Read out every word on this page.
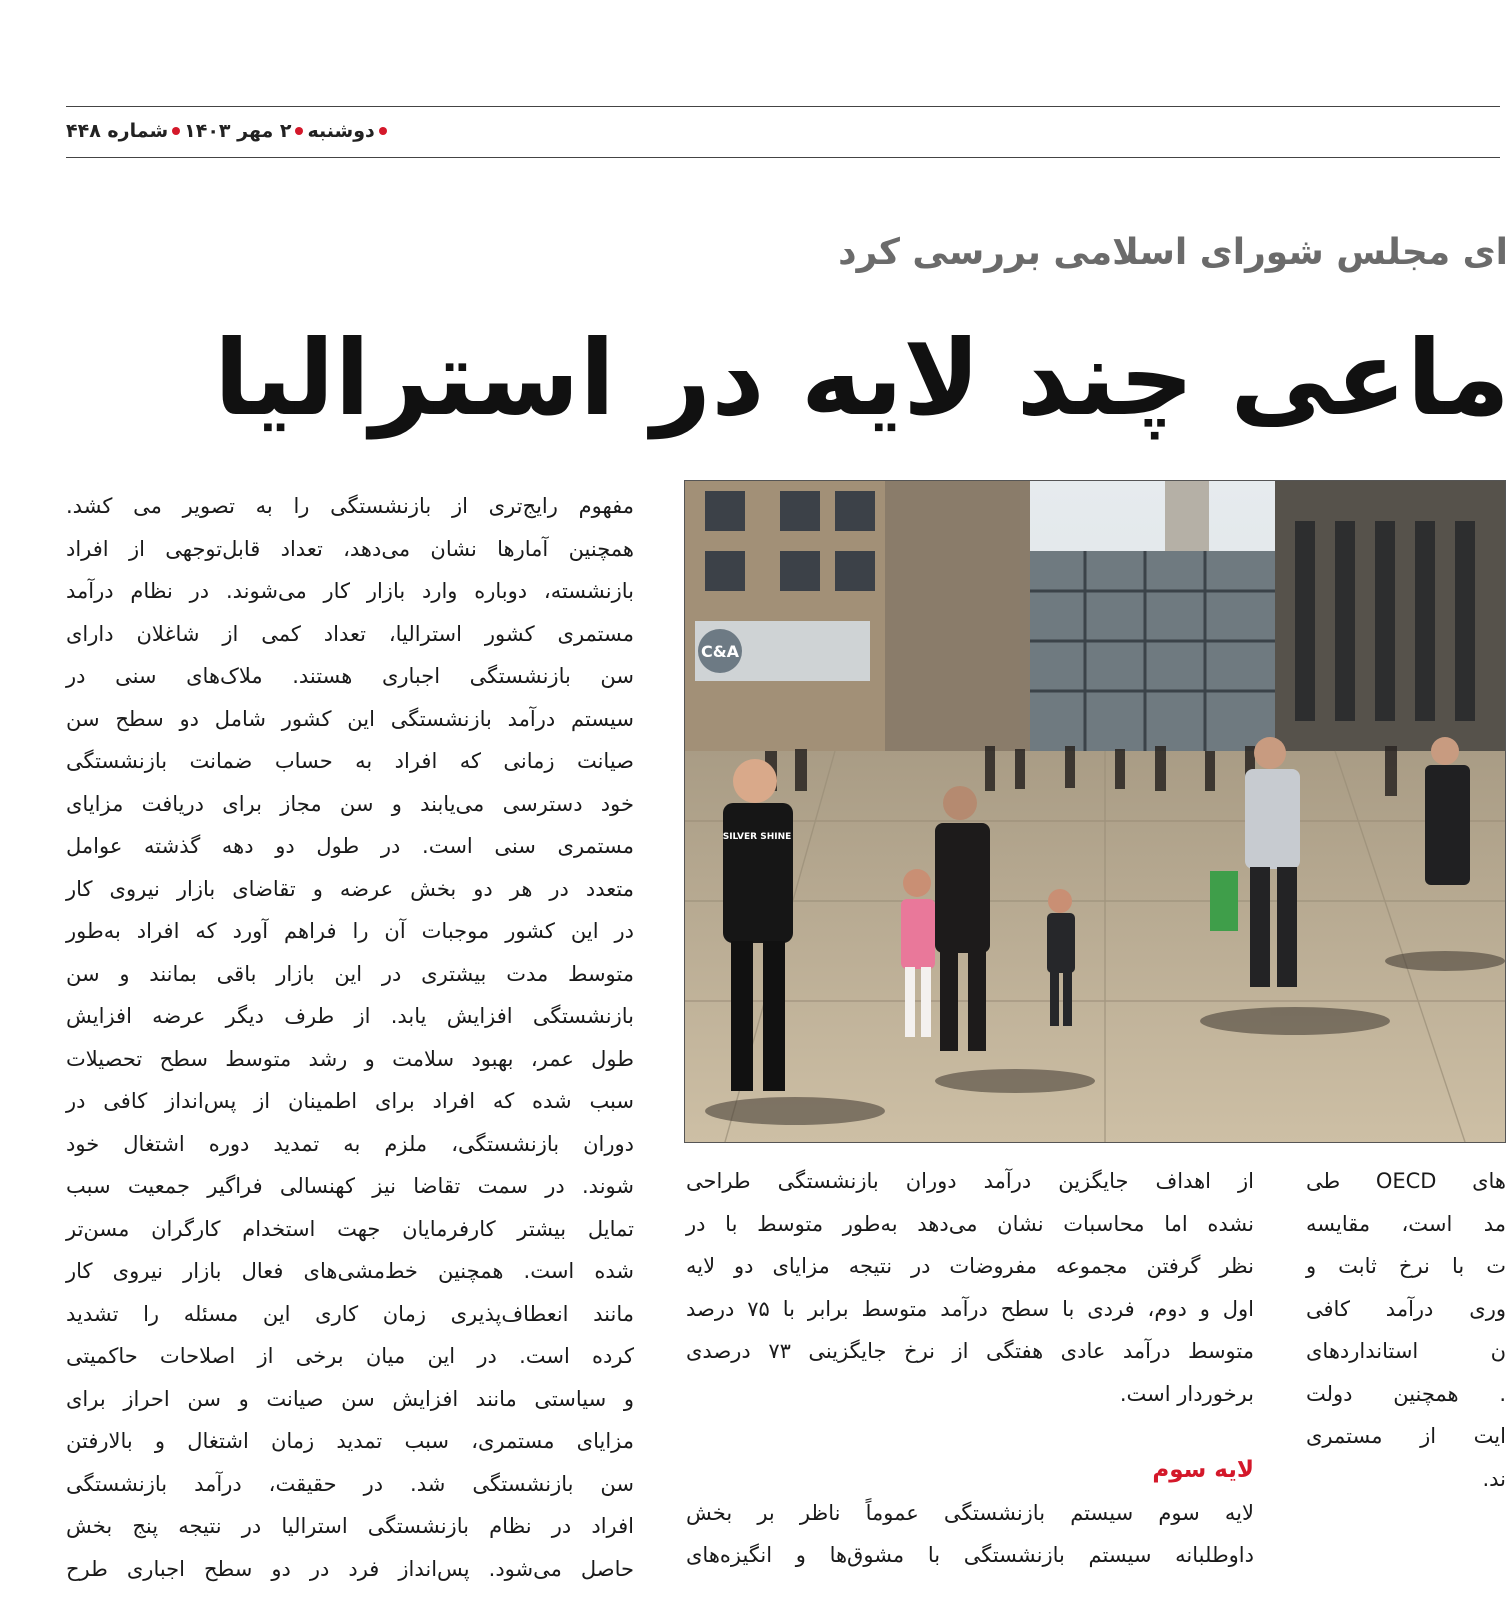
دوشنبه
۲ مهر ۱۴۰۳
شماره ۴۴۸
ای مجلس شورای اسلامی بررسی کرد
ماعی چند لایه در استرالیا
مفهوم رایج‌تری از بازنشستگی را به تصویر می کشد.
همچنین آمارها نشان می‌دهد، تعداد قابل‌توجهی از افراد
بازنشسته، دوباره وارد بازار کار می‌شوند. در نظام درآمد
مستمری کشور استرالیا، تعداد کمی از شاغلان دارای
سن بازنشستگی اجباری هستند. ملاک‌های سنی در
سیستم درآمد بازنشستگی این کشور شامل دو سطح سن
صیانت زمانی که افراد به حساب ضمانت بازنشستگی
خود دسترسی می‌یابند و سن مجاز برای دریافت مزایای
مستمری سنی است. در طول دو دهه گذشته عوامل
متعدد در هر دو بخش عرضه و تقاضای بازار نیروی کار
در این کشور موجبات آن را فراهم آورد که افراد به‌طور
متوسط مدت بیشتری در این بازار باقی بمانند و سن
بازنشستگی افزایش یابد. از طرف دیگر عرضه افزایش
طول عمر، بهبود سلامت و رشد متوسط سطح تحصیلات
سبب شده که افراد برای اطمینان از پس‌انداز کافی در
دوران بازنشستگی، ملزم به تمدید دوره اشتغال خود
شوند. در سمت تقاضا نیز کهنسالی فراگیر جمعیت سبب
تمایل بیشتر کارفرمایان جهت استخدام کارگران مسن‌تر
شده است. همچنین خط‌مشی‌های فعال بازار نیروی کار
مانند انعطاف‌پذیری زمان کاری این مسئله را تشدید
کرده است. در این میان برخی از اصلاحات حاکمیتی
و سیاستی مانند افزایش سن صیانت و سن احراز برای
مزایای مستمری، سبب تمدید زمان اشتغال و بالارفتن
سن بازنشستگی شد. در حقیقت، درآمد بازنشستگی
افراد در نظام بازنشستگی استرالیا در نتیجه پنج بخش
حاصل می‌شود. پس‌انداز فرد در دو سطح اجباری طرح
C&A
SILVER SHINE
از اهداف جایگزین درآمد دوران بازنشستگی طراحی
نشده اما محاسبات نشان می‌دهد به‌طور متوسط با در
نظر گرفتن مجموعه مفروضات در نتیجه مزایای دو لایه
اول و دوم، فردی با سطح درآمد متوسط برابر با ۷۵ درصد
متوسط درآمد عادی هفتگی از نرخ جایگزینی ۷۳ درصدی
برخوردار است.
لایه سوم
لایه سوم سیستم بازنشستگی عموماً ناظر بر بخش
داوطلبانه سیستم بازنشستگی با مشوق‌ها و انگیزه‌های
های OECD طی
مد است، مقایسه
ت با نرخ ثابت و
وری درآمد کافی
ن استانداردهای
. همچنین دولت
ایت از مستمری
ند.
